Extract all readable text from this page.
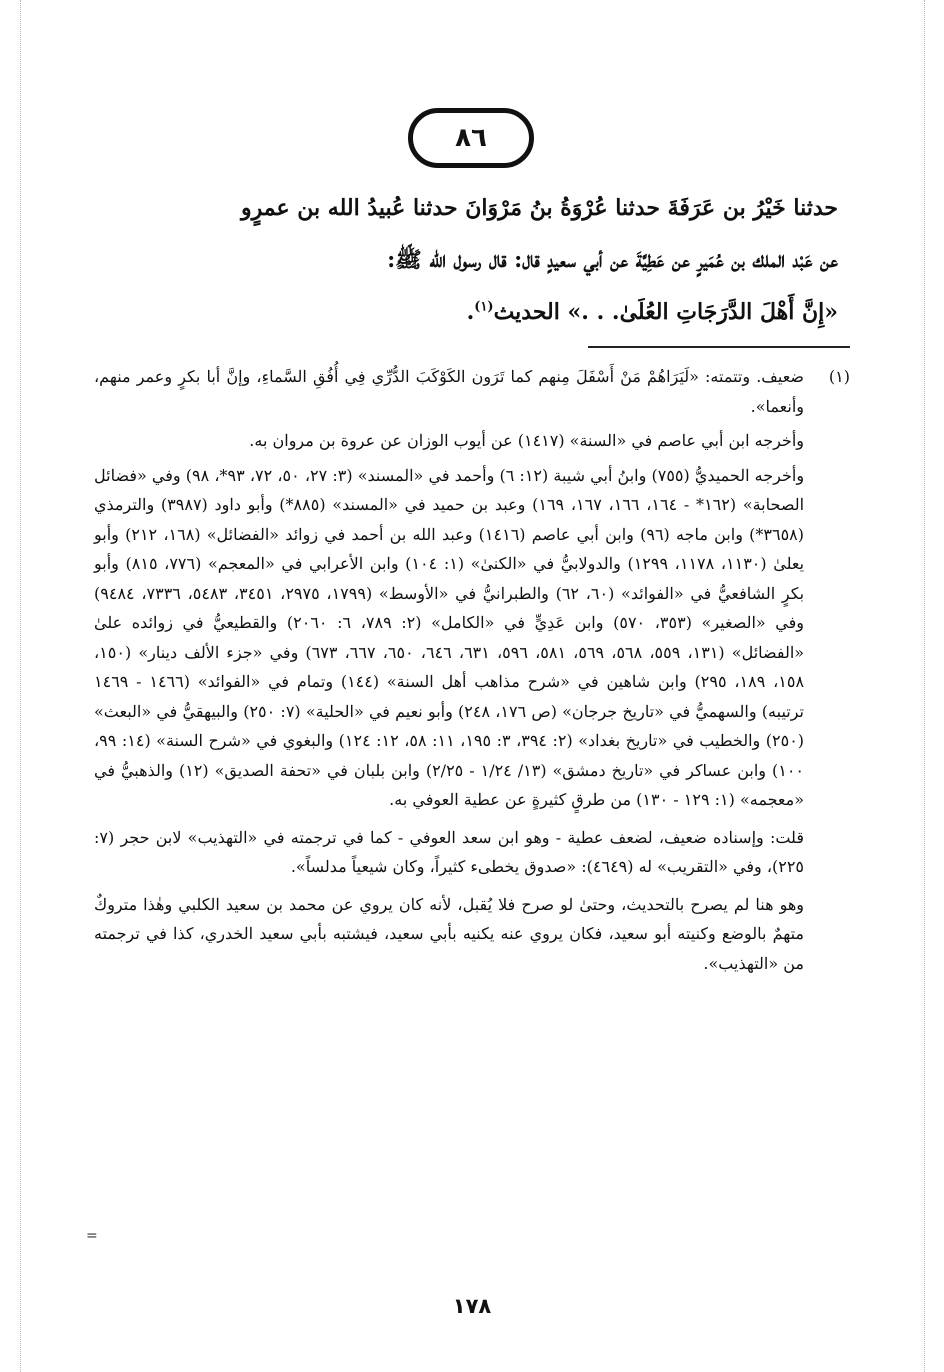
٨٦

حدثنا خَيْرُ بن عَرَفَةَ حدثنا عُرْوَةُ بنُ مَرْوَانَ حدثنا عُبيدُ الله بن عمرٍو

عن عَبْد الملك بن عُمَيرٍ عن عَطِيَّةَ عن أبي سعيدٍ قال: قال رسول الله ﷺ:

«إِنَّ أَهْلَ الدَّرَجَاتِ العُلَىٰ. . .» الحديث$^{(١)}$.

(١)

ضعيف. وتتمته: «لَيَرَاهُمْ مَنْ أَسْفَلَ مِنهم كما تَرَون الكَوْكَبَ الدُّرِّي فِي أُفُقِ السَّماءِ، وإنَّ أبا بكرٍ وعمر منهم، وأنعما».

وأخرجه ابن أبي عاصم في «السنة» (١٤١٧) عن أيوب الوزان عن عروة بن مروان به.

وأخرجه الحميديُّ (٧٥٥) وابنُ أبي شيبة (١٢: ٦) وأحمد في «المسند» (٣: ٢٧، ٥٠، ٧٢، ٩٣*، ٩٨) وفي «فضائل الصحابة» (١٦٢* - ١٦٤، ١٦٦، ١٦٧، ١٦٩) وعبد بن حميد في «المسند» (٨٨٥*) وأبو داود (٣٩٨٧) والترمذي (٣٦٥٨*) وابن ماجه (٩٦) وابن أبي عاصم (١٤١٦) وعبد الله بن أحمد في زوائد «الفضائل» (١٦٨، ٢١٢) وأبو يعلىٰ (١١٣٠، ١١٧٨، ١٢٩٩) والدولابيُّ في «الكنىٰ» (١: ١٠٤) وابن الأعرابي في «المعجم» (٧٧٦، ٨١٥) وأبو بكرٍ الشافعيُّ في «الفوائد» (٦٠، ٦٢) والطبرانيُّ في «الأوسط» (١٧٩٩، ٢٩٧٥، ٣٤٥١، ٥٤٨٣، ٧٣٣٦، ٩٤٨٤) وفي «الصغير» (٣٥٣، ٥٧٠) وابن عَدِيٍّ في «الكامل» (٢: ٧٨٩، ٦: ٢٠٦٠) والقطيعيُّ في زوائده علىٰ «الفضائل» (١٣١، ٥٥٩، ٥٦٨، ٥٦٩، ٥٨١، ٥٩٦، ٦٣١، ٦٤٦، ٦٥٠، ٦٦٧، ٦٧٣) وفي «جزء الألف دينار» (١٥٠، ١٥٨، ١٨٩، ٢٩٥) وابن شاهين في «شرح مذاهب أهل السنة» (١٤٤) وتمام في «الفوائد» (١٤٦٦ - ١٤٦٩ ترتيبه) والسهميُّ في «تاريخ جرجان» (ص ١٧٦، ٢٤٨) وأبو نعيم في «الحلية» (٧: ٢٥٠) والبيهقيُّ في «البعث» (٢٥٠) والخطيب في «تاريخ بغداد» (٢: ٣٩٤، ٣: ١٩٥، ١١: ٥٨، ١٢: ١٢٤) والبغوي في «شرح السنة» (١٤: ٩٩، ١٠٠) وابن عساكر في «تاريخ دمشق» (١٣/ ١/٢٤ - ٢/٢٥) وابن بلبان في «تحفة الصديق» (١٢) والذهبيُّ في «معجمه» (١: ١٢٩ - ١٣٠) من طرقٍ كثيرةٍ عن عطية العوفي به.

قلت: وإسناده ضعيف، لضعف عطية - وهو ابن سعد العوفي - كما في ترجمته في «التهذيب» لابن حجر (٧: ٢٢٥)، وفي «التقريب» له (٤٦٤٩): «صدوق يخطىء كثيراً، وكان شيعياً مدلساً».

وهو هنا لم يصرح بالتحديث، وحتىٰ لو صرح فلا يُقبل، لأنه كان يروي عن محمد بن سعيد الكلبي وهٰذا متروكٌ متهمٌ بالوضع وكنيته أبو سعيد، فكان يروي عنه يكنيه بأبي سعيد، فيشتبه بأبي سعيد الخدري، كذا في ترجمته من «التهذيب».

=
١٧٨
